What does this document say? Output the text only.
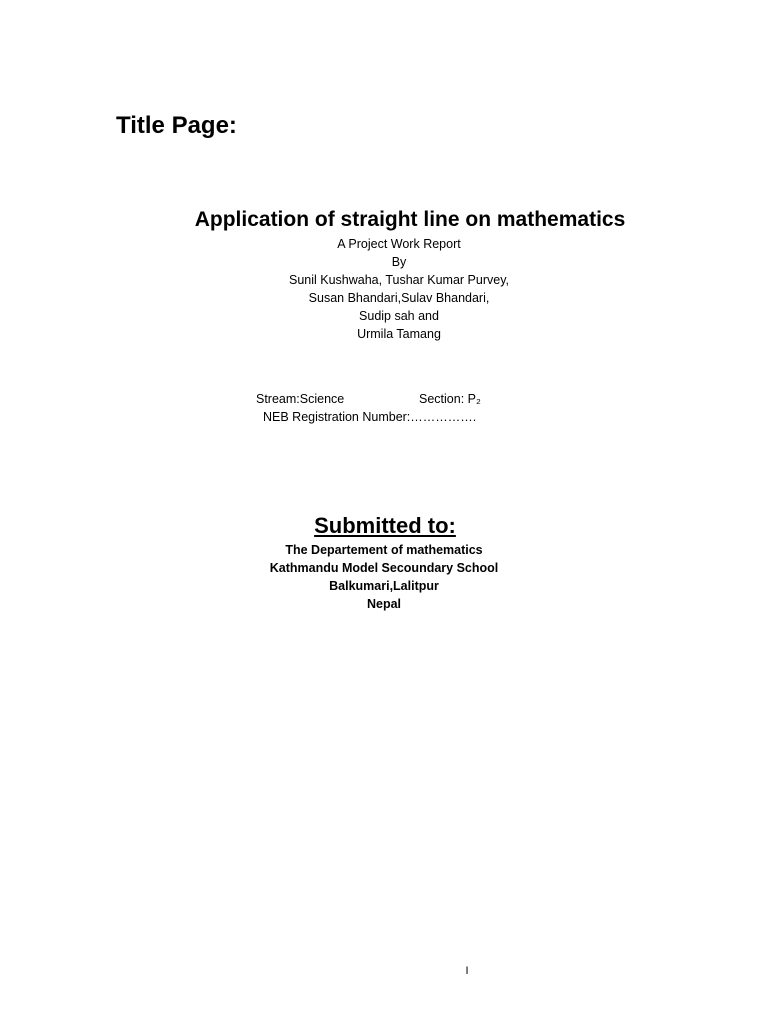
Title Page:
Application of straight line on mathematics
A Project Work Report
By
Sunil Kushwaha, Tushar Kumar Purvey,
Susan Bhandari,Sulav Bhandari,
Sudip sah and
Urmila Tamang
Stream:Science	Section: P₂
NEB Registration Number:…………….
Submitted to:
The Departement of mathematics
Kathmandu Model Secoundary School
Balkumari,Lalitpur
Nepal
I
